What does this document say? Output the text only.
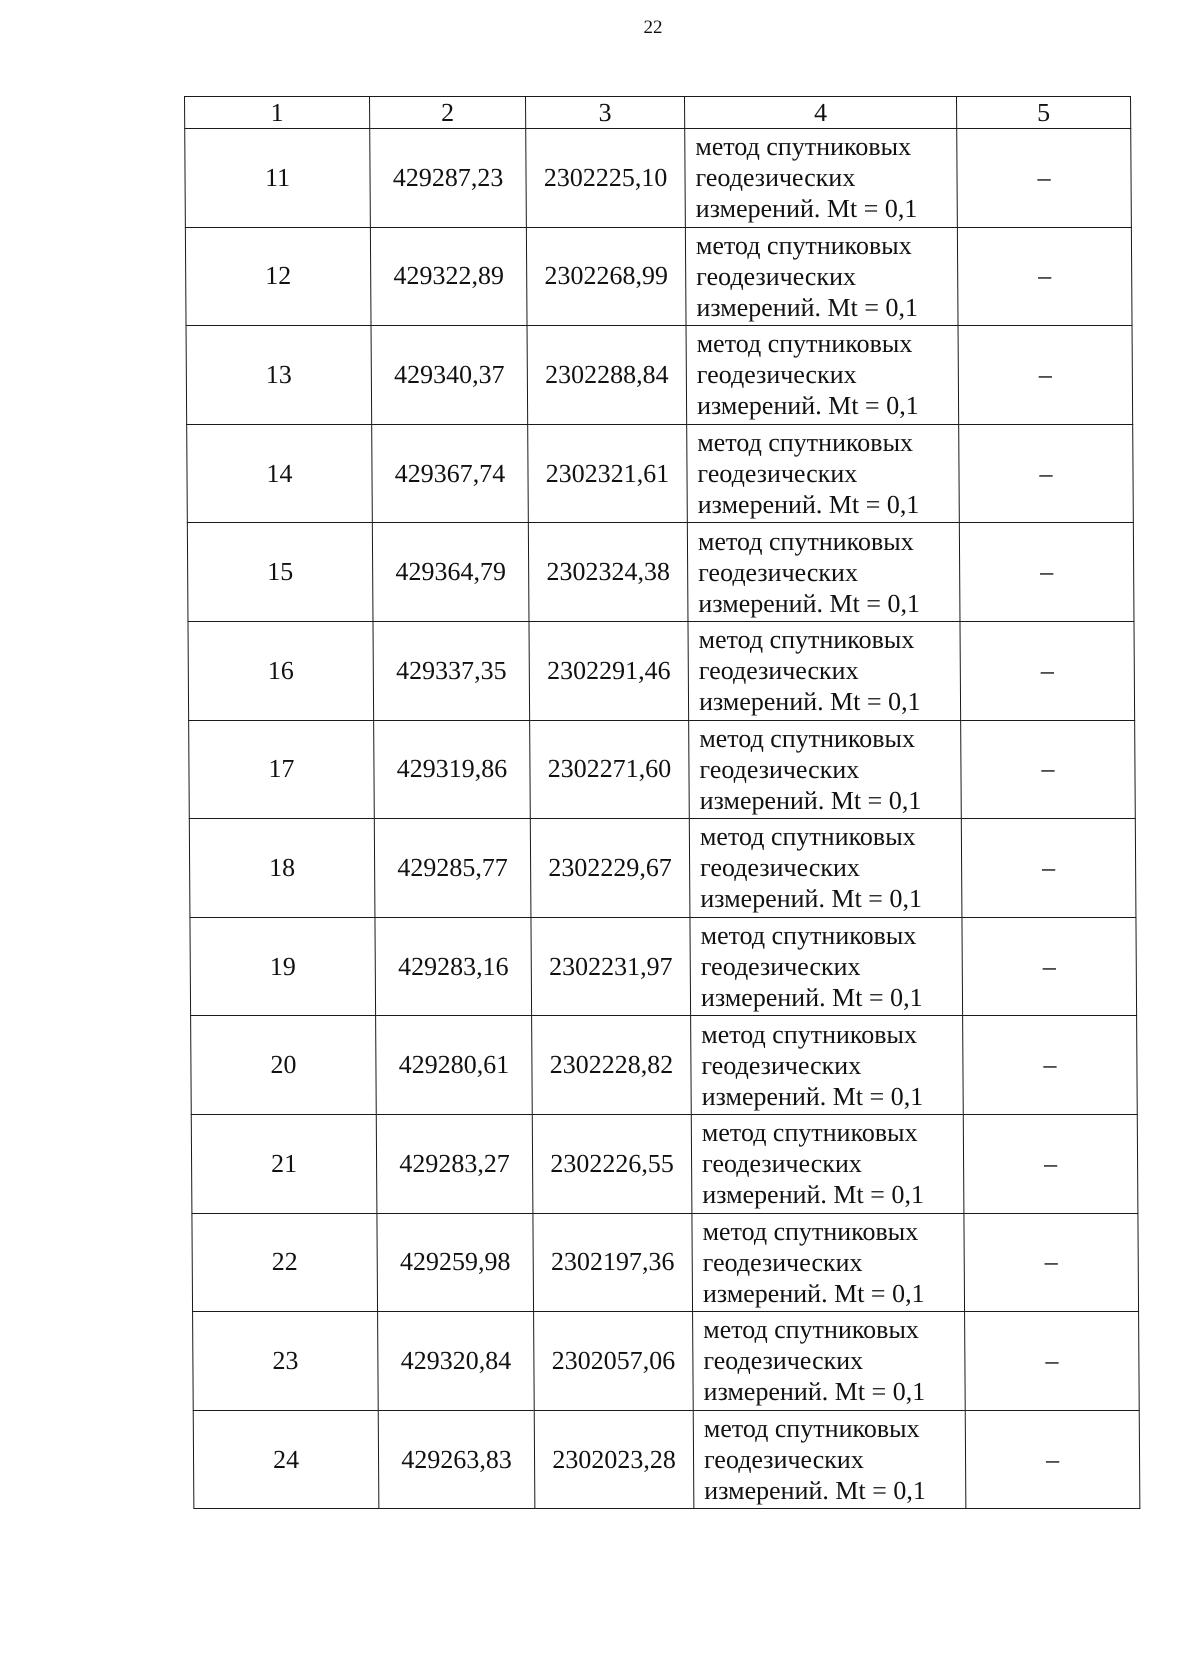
22
1	2	3	4	5
11	429287,23	2302225,10	метод спутниковых
геодезических
измерений. Mt = 0,1	–
12	429322,89	2302268,99	метод спутниковых
геодезических
измерений. Mt = 0,1	–
13	429340,37	2302288,84	метод спутниковых
геодезических
измерений. Mt = 0,1	–
14	429367,74	2302321,61	метод спутниковых
геодезических
измерений. Mt = 0,1	–
15	429364,79	2302324,38	метод спутниковых
геодезических
измерений. Mt = 0,1	–
16	429337,35	2302291,46	метод спутниковых
геодезических
измерений. Mt = 0,1	–
17	429319,86	2302271,60	метод спутниковых
геодезических
измерений. Mt = 0,1	–
18	429285,77	2302229,67	метод спутниковых
геодезических
измерений. Mt = 0,1	–
19	429283,16	2302231,97	метод спутниковых
геодезических
измерений. Mt = 0,1	–
20	429280,61	2302228,82	метод спутниковых
геодезических
измерений. Mt = 0,1	–
21	429283,27	2302226,55	метод спутниковых
геодезических
измерений. Mt = 0,1	–
22	429259,98	2302197,36	метод спутниковых
геодезических
измерений. Mt = 0,1	–
23	429320,84	2302057,06	метод спутниковых
геодезических
измерений. Mt = 0,1	–
24	429263,83	2302023,28	метод спутниковых
геодезических
измерений. Mt = 0,1	–
